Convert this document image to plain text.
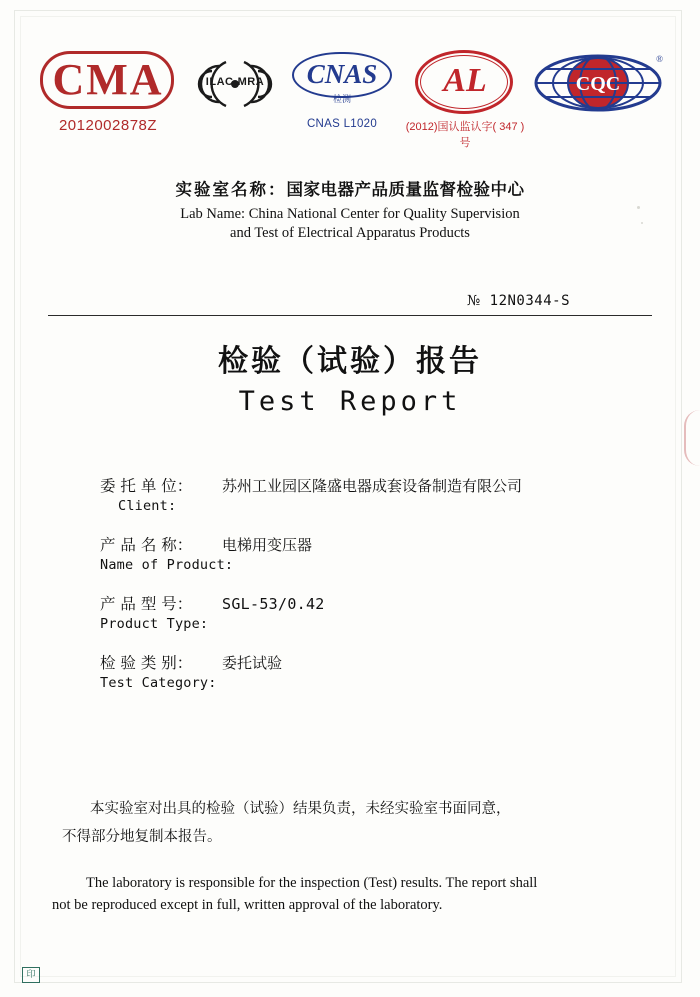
CMA
2012002878Z
ILAC-MRA	CNAS
检测
CNAS L1020
AL
(2012)国认监认字( 347 )号
CQC
®
实验室名称：国家电器产品质量监督检验中心
Lab Name: China National Center for Quality Supervision
and Test of Electrical Apparatus Products
№ 12N0344-S
检验（试验）报告
Test Report
委 托 单 位：	苏州工业园区隆盛电器成套设备制造有限公司
Client:
产 品 名 称：	电梯用变压器
Name of Product:
产 品 型 号：	SGL-53/0.42
Product Type:
检 验 类 别：	委托试验
Test Category:
本实验室对出具的检验（试验）结果负责，未经实验室书面同意，
不得部分地复制本报告。
The laboratory is responsible for the inspection (Test) results. The report shall
not be reproduced except in full, written approval of the laboratory.
印
